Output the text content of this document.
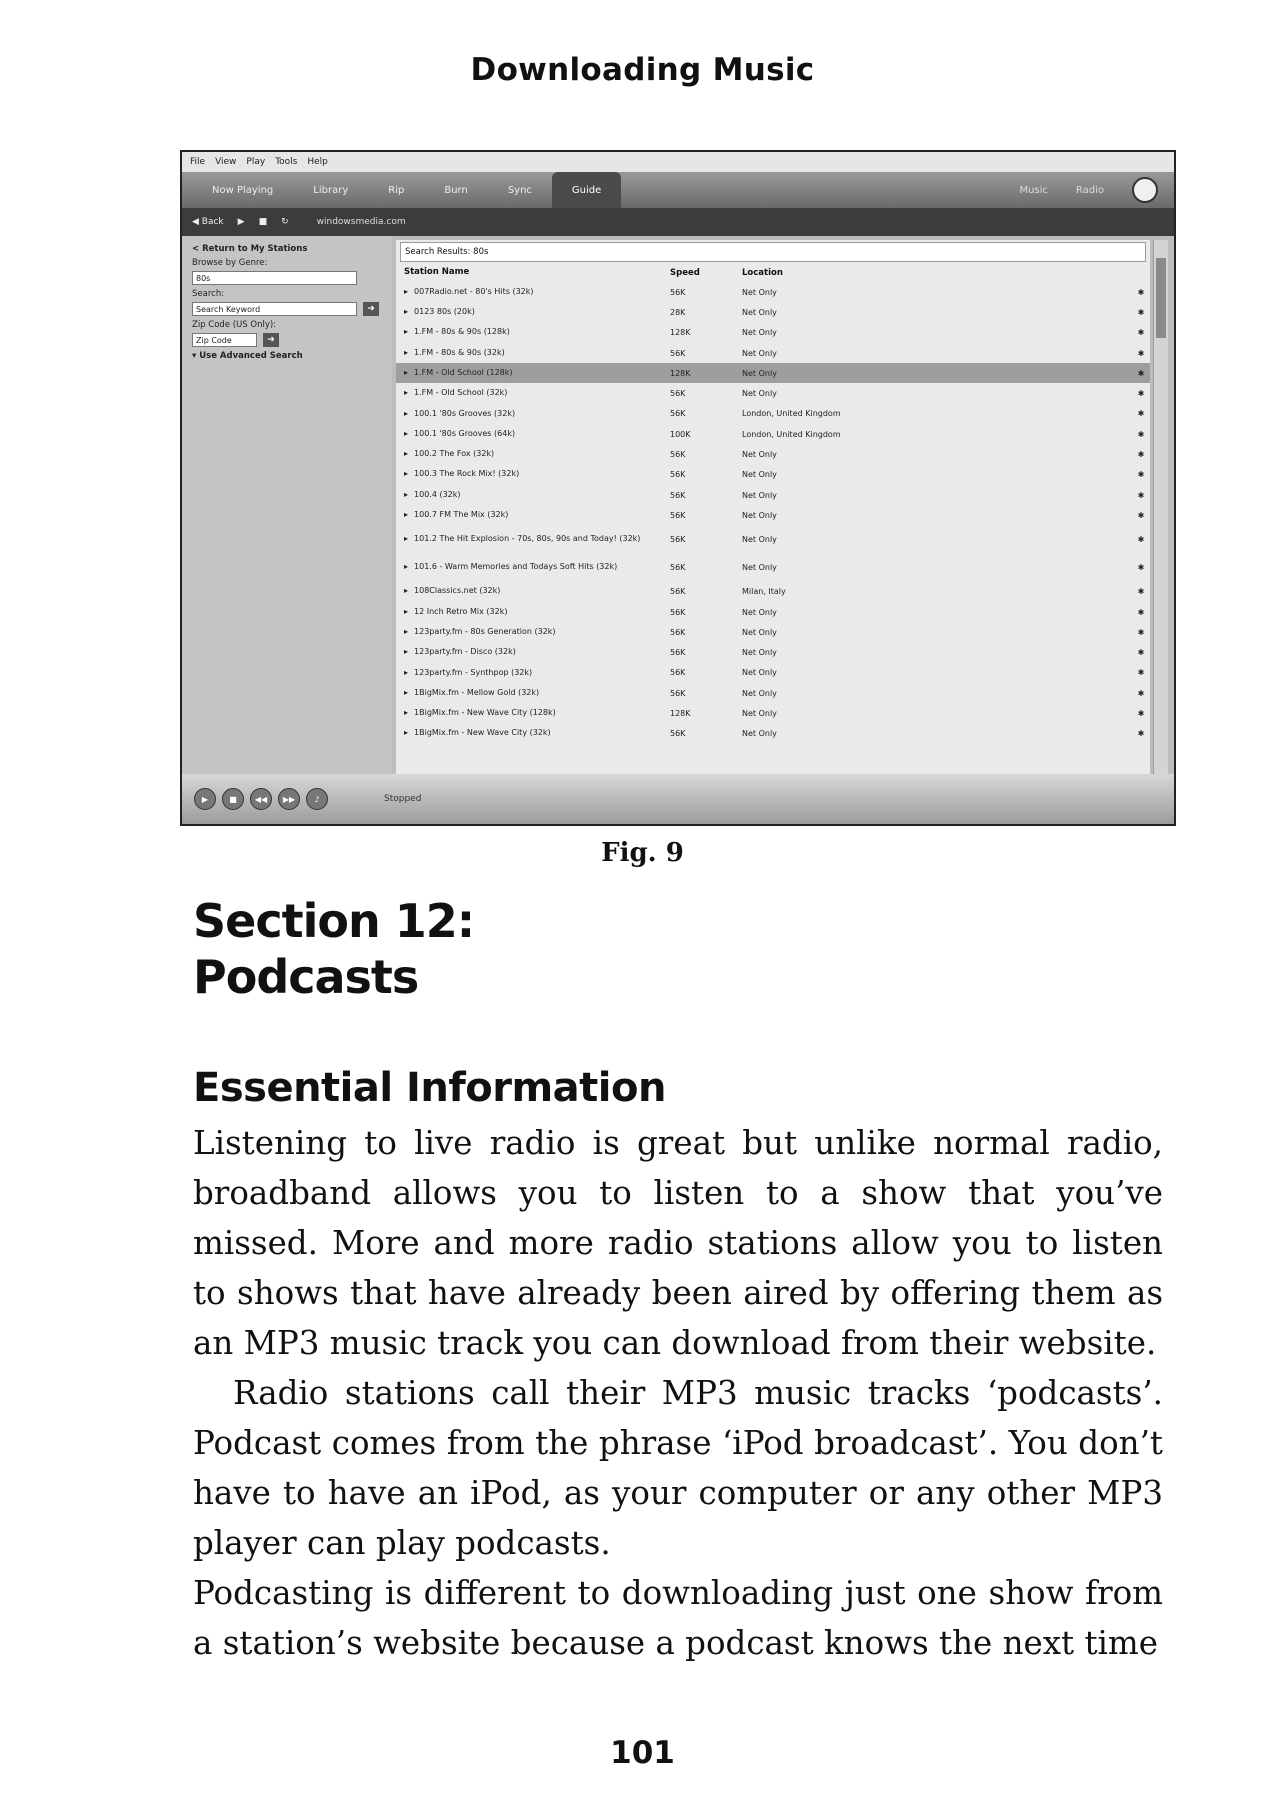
Downloading Music
File View Play Tools Help
Now Playing	Library	Rip	Burn	Sync	Guide	Music	Radio
◀ Back ▶ ■ ↻	windowsmedia.com
< Return to My Stations
Browse by Genre:
80s
Search:
Search Keyword	➜
Zip Code (US Only):
Zip Code	➜
▾ Use Advanced Search
Search Results: 80s
Station Name	Speed	Location
▸ 007Radio.net - 80's Hits (32k)	56K	Net Only	✱
▸ 0123 80s (20k)	28K	Net Only	✱
▸ 1.FM - 80s & 90s (128k)	128K	Net Only	✱
▸ 1.FM - 80s & 90s (32k)	56K	Net Only	✱
▸ 1.FM - Old School (128k)	128K	Net Only	✱
▸ 1.FM - Old School (32k)	56K	Net Only	✱
▸ 100.1 '80s Grooves (32k)	56K	London, United Kingdom	✱
▸ 100.1 '80s Grooves (64k)	100K	London, United Kingdom	✱
▸ 100.2 The Fox (32k)	56K	Net Only	✱
▸ 100.3 The Rock Mix! (32k)	56K	Net Only	✱
▸ 100.4 (32k)	56K	Net Only	✱
▸ 100.7 FM The Mix (32k)	56K	Net Only	✱
▸ 101.2 The Hit Explosion - 70s, 80s, 90s and Today! (32k)	56K	Net Only	✱
▸ 101.6 - Warm Memories and Todays Soft Hits (32k)	56K	Net Only	✱
▸ 108Classics.net (32k)	56K	Milan, Italy	✱
▸ 12 Inch Retro Mix (32k)	56K	Net Only	✱
▸ 123party.fm - 80s Generation (32k)	56K	Net Only	✱
▸ 123party.fm - Disco (32k)	56K	Net Only	✱
▸ 123party.fm - Synthpop (32k)	56K	Net Only	✱
▸ 1BigMix.fm - Mellow Gold (32k)	56K	Net Only	✱
▸ 1BigMix.fm - New Wave City (128k)	128K	Net Only	✱
▸ 1BigMix.fm - New Wave City (32k)	56K	Net Only	✱
▶	■	◀◀	▶▶	♪	Stopped
Fig. 9
Section 12:
Podcasts
Essential Information

Listening to live radio is great but unlike normal radio, broadband allows you to listen to a show that you’ve missed. More and more radio stations allow you to listen to shows that have already been aired by offering them as an MP3 music track you can download from their website.

Radio stations call their MP3 music tracks ‘podcasts’. Podcast comes from the phrase ‘iPod broadcast’. You don’t have to have an iPod, as your computer or any other MP3 player can play podcasts.

Podcasting is different to downloading just one show from a station’s website because a podcast knows the next time

101
